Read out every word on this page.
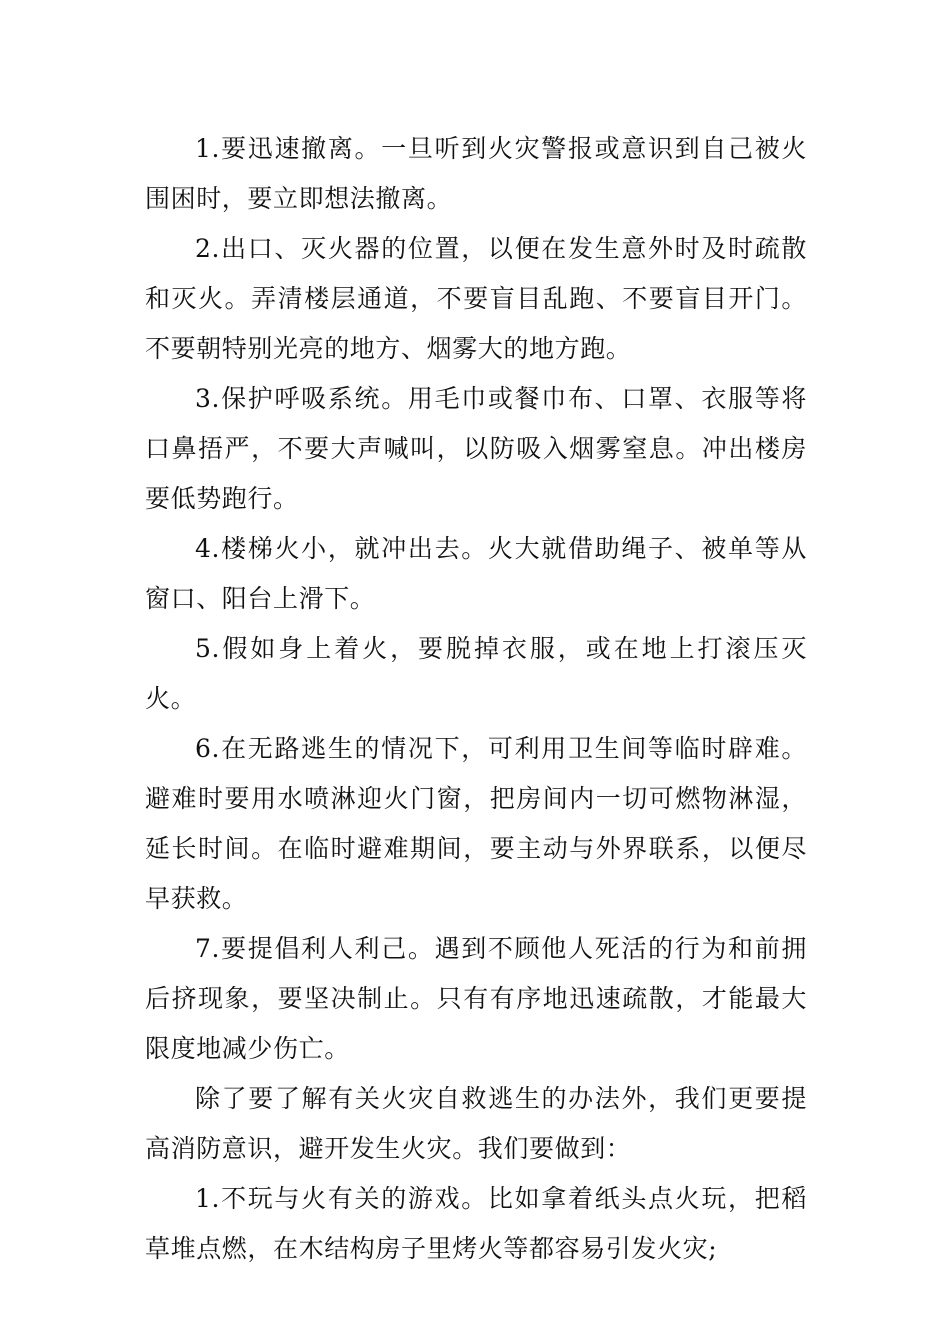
1.要迅速撤离。一旦听到火灾警报或意识到自己被火围困时，要立即想法撤离。

2.出口、灭火器的位置，以便在发生意外时及时疏散和灭火。弄清楼层通道，不要盲目乱跑、不要盲目开门。不要朝特别光亮的地方、烟雾大的地方跑。

3.保护呼吸系统。用毛巾或餐巾布、口罩、衣服等将口鼻捂严，不要大声喊叫，以防吸入烟雾窒息。冲出楼房要低势跑行。

4.楼梯火小，就冲出去。火大就借助绳子、被单等从窗口、阳台上滑下。

5.假如身上着火，要脱掉衣服，或在地上打滚压灭火。

6.在无路逃生的情况下，可利用卫生间等临时辟难。避难时要用水喷淋迎火门窗，把房间内一切可燃物淋湿，延长时间。在临时避难期间，要主动与外界联系，以便尽早获救。

7.要提倡利人利己。遇到不顾他人死活的行为和前拥后挤现象，要坚决制止。只有有序地迅速疏散，才能最大限度地减少伤亡。

除了要了解有关火灾自救逃生的办法外，我们更要提高消防意识，避开发生火灾。我们要做到：

1.不玩与火有关的游戏。比如拿着纸头点火玩，把稻草堆点燃，在木结构房子里烤火等都容易引发火灾;
